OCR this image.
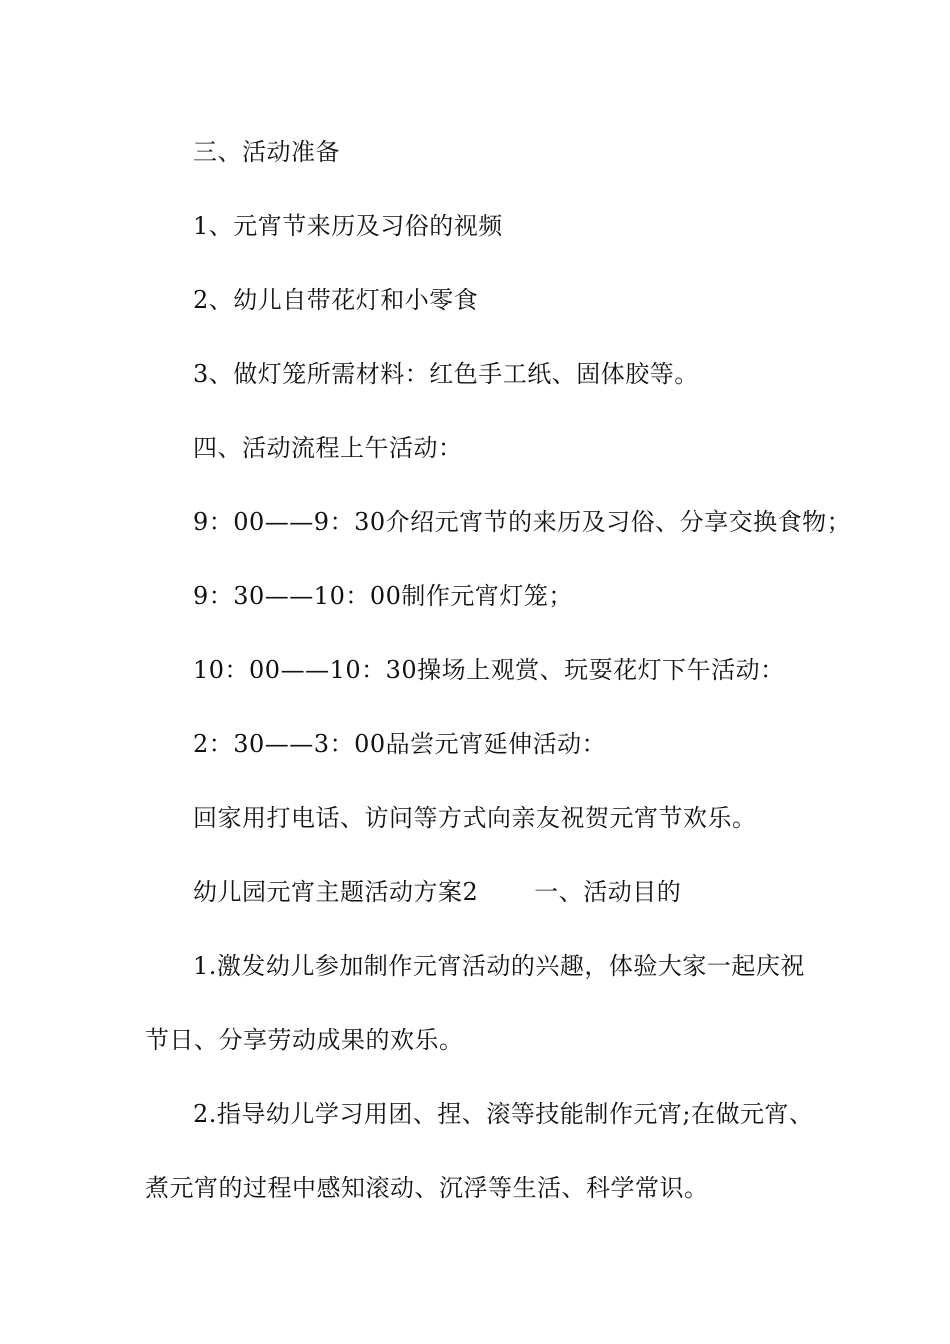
三、活动准备
1、元宵节来历及习俗的视频
2、幼儿自带花灯和小零食
3、做灯笼所需材料：红色手工纸、固体胶等。
四、活动流程上午活动：
9：00——9：30介绍元宵节的来历及习俗、分享交换食物；
9：30——10：00制作元宵灯笼；
10：00——10：30操场上观赏、玩耍花灯下午活动：
2：30——3：00品尝元宵延伸活动：
回家用打电话、访问等方式向亲友祝贺元宵节欢乐。
幼儿园元宵主题活动方案2 一、活动目的
1.激发幼儿参加制作元宵活动的兴趣，体验大家一起庆祝
节日、分享劳动成果的欢乐。
2.指导幼儿学习用团、捏、滚等技能制作元宵;在做元宵、
煮元宵的过程中感知滚动、沉浮等生活、科学常识。
